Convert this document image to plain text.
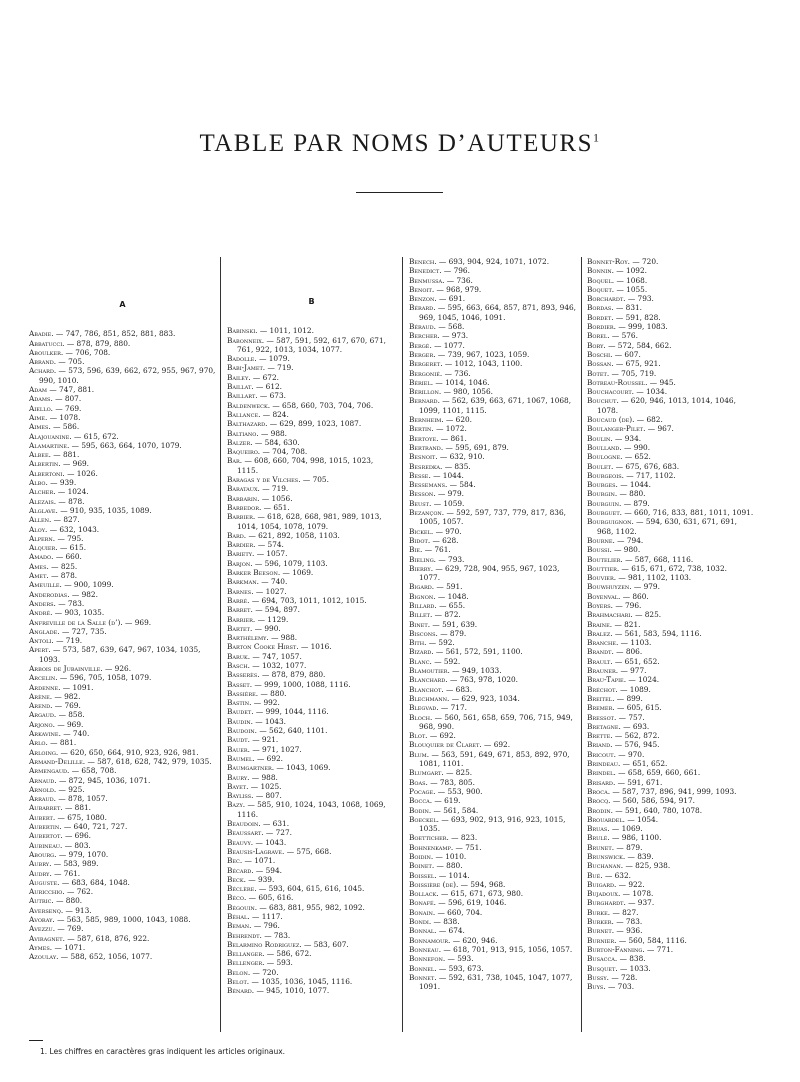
TABLE PAR NOMS D’AUTEURS$^1$
A
Abadie. — 747, 786, 851, 852, 881, 883.
Abbatucci. — 878, 879, 880.
Aboulker. — 706, 708.
Abrand. — 705.
Achard. — 573, 596, 639, 662, 672, 955, 967, 970, 990, 1010.
Adam — 747, 881.
Adams. — 807.
Aiello. — 769.
Aime. — 1078.
Aimes. — 586.
Alajouanine. — 615, 672.
Alamartine. — 595, 663, 664, 1070, 1079.
Albee. — 881.
Albertin. — 969.
Albertoni. — 1026.
Albo. — 939.
Alcher. — 1024.
Alezais. — 878.
Alglave. — 910, 935, 1035, 1089.
Allen. — 827.
Aloy. — 632, 1043.
Alpern. — 795.
Alquier. — 615.
Amado. — 660.
Ames. — 825.
Amet. — 878.
Ameuille. — 900, 1099.
Anderodias. — 982.
Anders. — 783.
André. — 903, 1035.
Anfreville de la Salle (d’). — 969.
Anglade. — 727, 735.
Antoli. — 719.
Apert. — 573, 587, 639, 647, 967, 1034, 1035, 1093.
Arbois de Jubainville. — 926.
Arcelin. — 596, 705, 1058, 1079.
Ardenne. — 1091.
Arène. — 982.
Arend. — 769.
Argaud. — 858.
Arjono. — 969.
Arkavine. — 740.
Arlo. — 881.
Arloing. — 620, 650, 664, 910, 923, 926, 981.
Armand-Delille. — 587, 618, 628, 742, 979, 1035.
Armengaud. — 658, 708.
Arnaud. — 872, 945, 1036, 1071.
Arnold. — 925.
Arraud. — 878, 1057.
Aubarret. — 881.
Aubert. — 675, 1080.
Aubertin. — 640, 721, 727.
Aubertot. — 696.
Aubineau. — 803.
Abourg. — 979, 1070.
Aubry. — 583, 989.
Audry. — 761.
Auguste. — 683, 684, 1048.
Auricchio. — 762.
Autric. — 880.
Aversenq. — 913.
Avoray. — 563, 585, 989, 1000, 1043, 1088.
Avezzu. — 769.
Aviragnet. — 587, 618, 876, 922.
Aymes. — 1071.
Azoulay. — 588, 652, 1056, 1077.
B
Babinski. — 1011, 1012.
Babonneix. — 587, 591, 592, 617, 670, 671, 761, 922, 1013, 1034, 1077.
Badolle. — 1079.
Babi-Jamet. — 719.
Bailey. — 672.
Baillat. — 612.
Baillart. — 673.
Baldenweck. — 658, 660, 703, 704, 706.
Ballance. — 824.
Balthazard. — 629, 899, 1023, 1087.
Baltiano. — 988.
Balzer. — 584, 630.
Baqueiro. — 704, 708.
Bar. — 608, 660, 704, 998, 1015, 1023, 1115.
Baragas y de Vilches. — 705.
Barataux. — 719.
Barbarin. — 1056.
Barbedor. — 651.
Barbier. — 618, 628, 668, 981, 989, 1013, 1014, 1054, 1078, 1079.
Bard. — 621, 892, 1058, 1103.
Bardier. — 574.
Bariety. — 1057.
Barjon. — 596, 1079, 1103.
Barker Beeson. — 1069.
Barkman. — 740.
Barnes. — 1027.
Barré. — 694, 703, 1011, 1012, 1015.
Barret. — 594, 897.
Barrier. — 1129.
Bartet. — 990.
Barthélemy. — 988.
Barton Cooke Hirst. — 1016.
Baruk. — 747, 1057.
Basch. — 1032, 1077.
Basserès. — 878, 879, 880.
Basset. — 999, 1000, 1088, 1116.
Bassière. — 880.
Bastin. — 992.
Baudet. — 999, 1044, 1116.
Baudin. — 1043.
Baudoin. — 562, 640, 1101.
Baudt. — 921.
Bauer. — 971, 1027.
Baumel. — 692.
Baumgartner. — 1043, 1069.
Baury. — 988.
Bayet. — 1025.
Bayliss. — 807.
Bazy. — 585, 910, 1024, 1043, 1068, 1069, 1116.
Beaudoin. — 631.
Beaussart. — 727.
Beauvy. — 1043.
Beausis-Lagrave. — 575, 668.
Bec. — 1071.
Bécard. — 594.
Beck. — 939.
Béclère. — 593, 604, 615, 616, 1045.
Béco. — 605, 616.
Bégouin. — 683, 881, 955, 982, 1092.
Béhal. — 1117.
Beman. — 796.
Behrendt. — 783.
Belarmino Rodriguez. — 583, 607.
Bellanger. — 586, 672.
Bellenger. — 593.
Belon. — 720.
Belot. — 1035, 1036, 1045, 1116.
Bénard. — 945, 1010, 1077.
Benech. — 693, 904, 924, 1071, 1072.
Benedict. — 796.
Benmussa. — 736.
Benoit. — 968, 979.
Benzon. — 691.
Bérard. — 595, 663, 664, 857, 871, 893, 946, 969, 1045, 1046, 1091.
Béraud. — 568.
Bercher. — 973.
Bergé. — 1077.
Berger. — 739, 967, 1023, 1059.
Bergeret. — 1012, 1043, 1100.
Bergonié. — 736.
Bériel. — 1014, 1046.
Bérillon. — 980, 1056.
Bernard. — 562, 639, 663, 671, 1067, 1068, 1099, 1101, 1115.
Bernheim. — 620.
Bertin. — 1072.
Bertoye. — 861.
Bertrand. — 595, 691, 879.
Besnoit. — 632, 910.
Besredka. — 835.
Besse. — 1044.
Bessemans. — 584.
Besson. — 979.
Beust. — 1059.
Bezançon. — 592, 597, 737, 779, 817, 836, 1005, 1057.
Bickel. — 970.
Bidot. — 628.
Bie. — 761.
Bieling. — 793.
Bierry. — 629, 728, 904, 955, 967, 1023, 1077.
Bigard. — 591.
Bignon. — 1048.
Billard. — 655.
Billet. — 872.
Binet. — 591, 639.
Biscons. — 879.
Bith. — 592.
Bizard. — 561, 572, 591, 1100.
Blanc. — 592.
Blamoutier. — 949, 1033.
Blanchard. — 763, 978, 1020.
Blanchot. — 683.
Blechmann. — 629, 923, 1034.
Blegvad. — 717.
Bloch. — 560, 561, 658, 659, 706, 715, 949, 968, 990.
Blot. — 692.
Blouquier de Claret. — 692.
Blum. — 563, 591, 649, 671, 853, 892, 970, 1081, 1101.
Blumgart. — 825.
Boas. — 783, 805.
Pocage. — 553, 900.
Bocca. — 619.
Bodin. — 561, 584.
Boeckel. — 693, 902, 913, 916, 923, 1015, 1035.
Boetticher. — 823.
Bohnenkamp. — 751.
Boidin. — 1010.
Boinet. — 880.
Boissel. — 1014.
Boissière (de). — 594, 968.
Bollack. — 615, 671, 673, 980.
Bonafé. — 596, 619, 1046.
Bonain. — 660, 704.
Bondi. — 838.
Bonnal. — 674.
Bonnamour. — 620, 946.
Bonneau. — 618, 701, 913, 915, 1056, 1057.
Bonnefon. — 593.
Bonnel. — 593, 673.
Bonnet. — 592, 631, 738, 1045, 1047, 1077, 1091.
Bonnet-Roy. — 720.
Bonnin. — 1092.
Boquel. — 1068.
Boquet. — 1055.
Borchardt. — 793.
Bordas. — 831.
Bordet. — 591, 828.
Bordier. — 999, 1083.
Borel. — 576.
Bory. — 572, 584, 662.
Boschi. — 607.
Bossan. — 675, 921.
Botet. — 705, 719.
Botreau-Roussel. — 945.
Bouchacourt. — 1034.
Bouchut. — 620, 946, 1013, 1014, 1046, 1078.
Boucaud (de). — 682.
Boulanger-Pilet. — 967.
Boulin. — 934.
Boulland. — 990.
Boulogne. — 652.
Boulet. — 675, 676, 683.
Bourgeois. — 717, 1102.
Bourges. — 1044.
Bourgin. — 880.
Bourguin. — 879.
Bourguet. — 660, 716, 833, 881, 1011, 1091.
Bourguignon. — 594, 630, 631, 671, 691, 968, 1102.
Bourne. — 794.
Boussi. — 980.
Boutelier. — 587, 668, 1116.
Bouttier. — 615, 671, 672, 738, 1032.
Bouvier. — 981, 1102, 1103.
Bouwhuyzen. — 979.
Boyenval. — 860.
Boyers. — 796.
Brahmachari. — 825.
Braine. — 821.
Bralez. — 561, 583, 594, 1116.
Branche. — 1103.
Brandt. — 806.
Brault. — 651, 652.
Brauner. — 977.
Brau-Tapie. — 1024.
Bréchot. — 1089.
Breitel. — 899.
Bremer. — 605, 615.
Bressot. — 757.
Bretagne. — 693.
Brette. — 562, 872.
Briand. — 576, 945.
Bricout. — 970.
Brindeau. — 651, 652.
Brindel. — 658, 659, 660, 661.
Brisard. — 591, 671.
Broca. — 587, 737, 896, 941, 999, 1093.
Brocq. — 560, 586, 594, 917.
Brodin. — 591, 640, 780, 1078.
Brouardel. — 1054.
Bruas. — 1069.
Brulé. — 986, 1100.
Brunet. — 879.
Brunswick. — 839.
Buchanan. — 825, 938.
Bué. — 632.
Buigard. — 922.
Bujadoux. — 1078.
Burghardt. — 937.
Burke. — 827.
Burker. — 783.
Burnet. — 936.
Burnier. — 560, 584, 1116.
Burton-Fanning. — 771.
Busacca. — 838.
Busquet. — 1033.
Bussy. — 728.
Buys. — 703.
1. Les chiffres en caractères gras indiquent les articles originaux.
